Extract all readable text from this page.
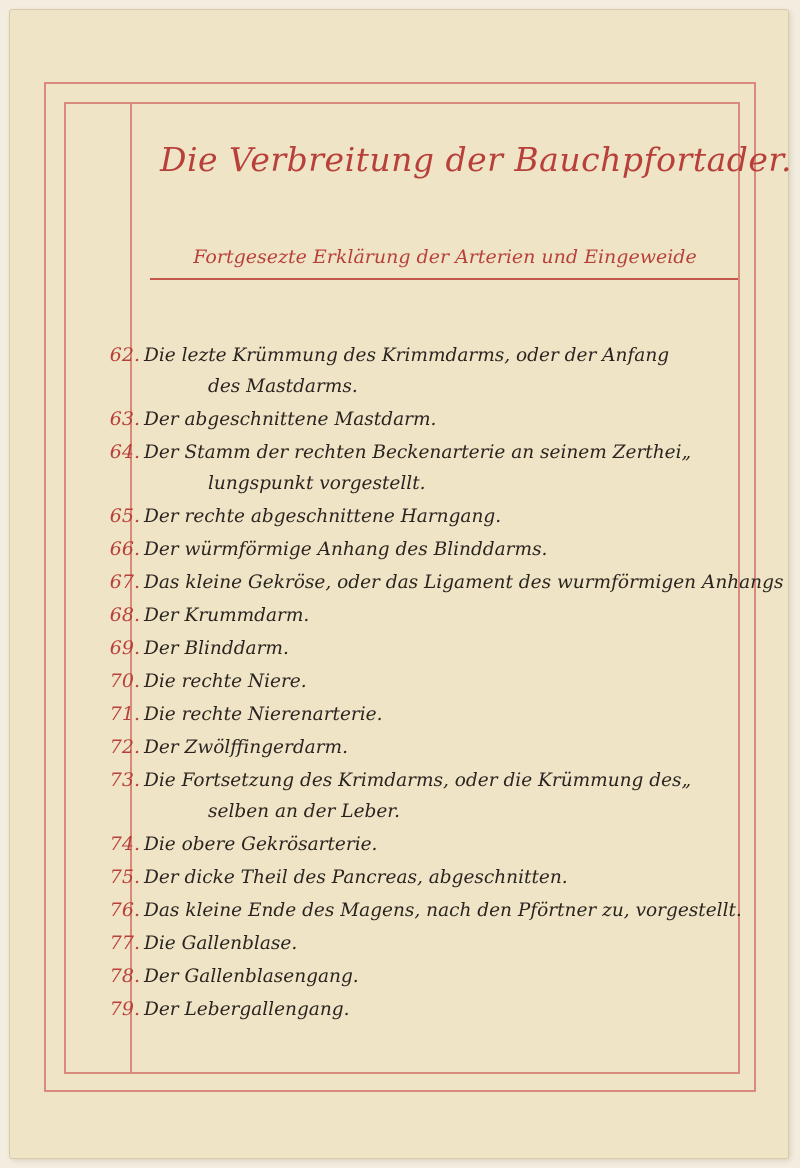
Die Verbreitung der Bauchpfortader.
Fortgesezte Erklärung der Arterien und Eingeweide
62. Die lezte Krümmung des Krimmdarms, oder der Anfang
des Mastdarms.
63. Der abgeschnittene Mastdarm.
64. Der Stamm der rechten Beckenarterie an seinem Zerthei„
lungspunkt vorgestellt.
65. Der rechte abgeschnittene Harngang.
66. Der würmförmige Anhang des Blinddarms.
67. Das kleine Gekröse, oder das Ligament des wurmförmigen Anhangs
68. Der Krummdarm.
69. Der Blinddarm.
70. Die rechte Niere.
71. Die rechte Nierenarterie.
72. Der Zwölffingerdarm.
73. Die Fortsetzung des Krimdarms, oder die Krümmung des„
selben an der Leber.
74. Die obere Gekrösarterie.
75. Der dicke Theil des Pancreas, abgeschnitten.
76. Das kleine Ende des Magens, nach den Pförtner zu, vorgestellt.
77. Die Gallenblase.
78. Der Gallenblasengang.
79. Der Lebergallengang.
